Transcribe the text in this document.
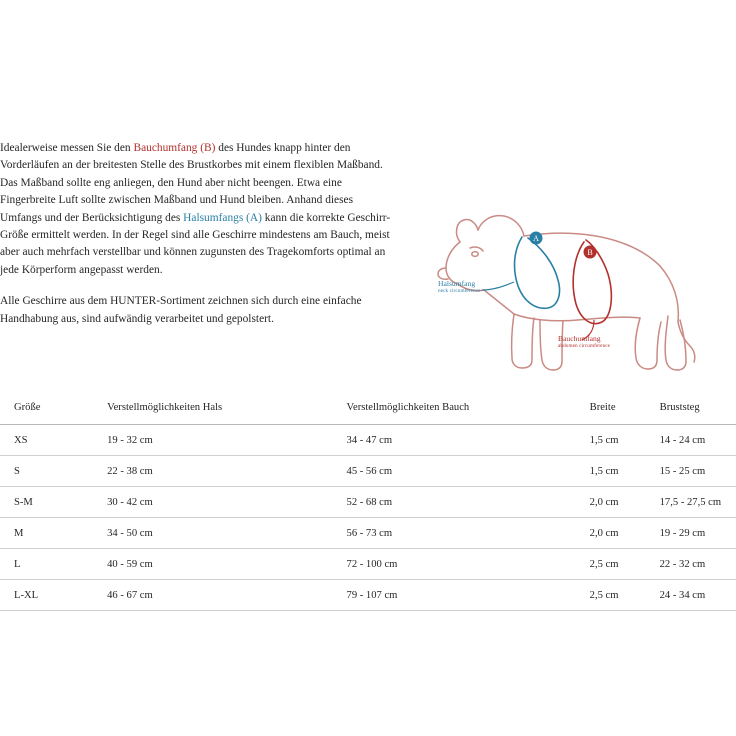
Idealerweise messen Sie den Bauchumfang (B) des Hundes knapp hinter den Vorderläufen an der breitesten Stelle des Brustkorbes mit einem flexiblen Maßband. Das Maßband sollte eng anliegen, den Hund aber nicht beengen. Etwa eine Fingerbreite Luft sollte zwischen Maßband und Hund bleiben. Anhand dieses Umfangs und der Berücksichtigung des Halsumfangs (A) kann die korrekte Geschirr-Größe ermittelt werden. In der Regel sind alle Geschirre mindestens am Bauch, meist aber auch mehrfach verstellbar und können zugunsten des Tragekomforts optimal an jede Körperform angepasst werden.

Alle Geschirre aus dem HUNTER-Sortiment zeichnen sich durch eine einfache Handhabung aus, sind aufwändig verarbeitet und gepolstert.

A
B
Halsumfang
neck circumference
Bauchumfang
abdomen circumference
Größe	Verstellmöglichkeiten Hals	Verstellmöglichkeiten Bauch	Breite	Bruststeg
XS	19 - 32 cm	34 - 47 cm	1,5 cm	14 - 24 cm
S	22 - 38 cm	45 - 56 cm	1,5 cm	15 - 25 cm
S-M	30 - 42 cm	52 - 68 cm	2,0 cm	17,5 - 27,5 cm
M	34 - 50 cm	56 - 73 cm	2,0 cm	19 - 29 cm
L	40 - 59 cm	72 - 100 cm	2,5 cm	22 - 32 cm
L-XL	46 - 67 cm	79 - 107 cm	2,5 cm	24 - 34 cm
